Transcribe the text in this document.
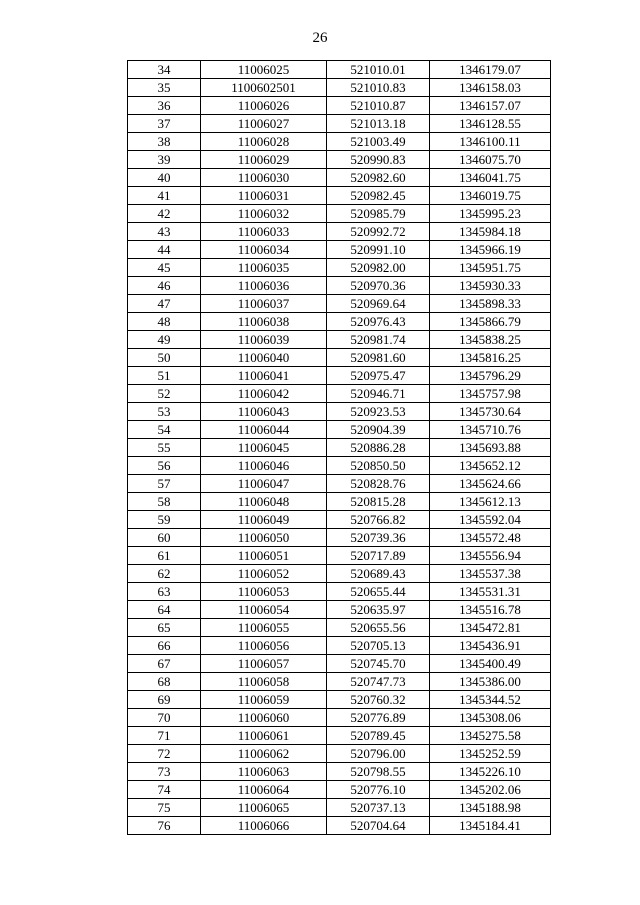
26
34	11006025	521010.01	1346179.07
35	1100602501	521010.83	1346158.03
36	11006026	521010.87	1346157.07
37	11006027	521013.18	1346128.55
38	11006028	521003.49	1346100.11
39	11006029	520990.83	1346075.70
40	11006030	520982.60	1346041.75
41	11006031	520982.45	1346019.75
42	11006032	520985.79	1345995.23
43	11006033	520992.72	1345984.18
44	11006034	520991.10	1345966.19
45	11006035	520982.00	1345951.75
46	11006036	520970.36	1345930.33
47	11006037	520969.64	1345898.33
48	11006038	520976.43	1345866.79
49	11006039	520981.74	1345838.25
50	11006040	520981.60	1345816.25
51	11006041	520975.47	1345796.29
52	11006042	520946.71	1345757.98
53	11006043	520923.53	1345730.64
54	11006044	520904.39	1345710.76
55	11006045	520886.28	1345693.88
56	11006046	520850.50	1345652.12
57	11006047	520828.76	1345624.66
58	11006048	520815.28	1345612.13
59	11006049	520766.82	1345592.04
60	11006050	520739.36	1345572.48
61	11006051	520717.89	1345556.94
62	11006052	520689.43	1345537.38
63	11006053	520655.44	1345531.31
64	11006054	520635.97	1345516.78
65	11006055	520655.56	1345472.81
66	11006056	520705.13	1345436.91
67	11006057	520745.70	1345400.49
68	11006058	520747.73	1345386.00
69	11006059	520760.32	1345344.52
70	11006060	520776.89	1345308.06
71	11006061	520789.45	1345275.58
72	11006062	520796.00	1345252.59
73	11006063	520798.55	1345226.10
74	11006064	520776.10	1345202.06
75	11006065	520737.13	1345188.98
76	11006066	520704.64	1345184.41
